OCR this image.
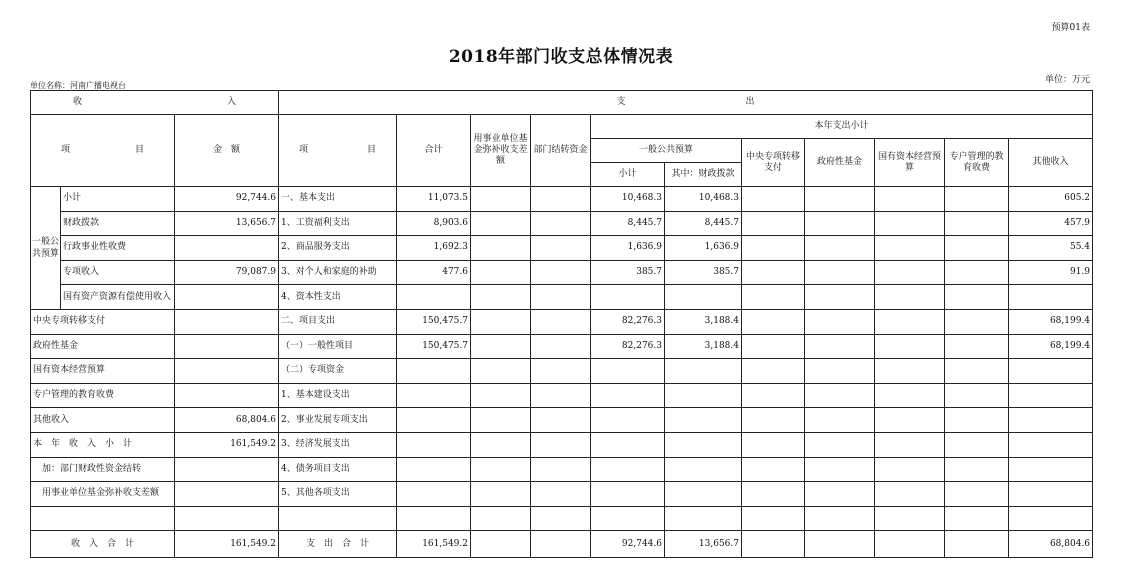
预算01表
2018年部门收支总体情况表
单位名称：河南广播电视台
单位：万元
收 入			支 出										

项 目		金　额	项 目	合计	用事业单位基金弥补收支差额	部门结转资金	本年支出小计						
							一般公共预算		中央专项转移支付	政府性基金	国有资本经营预算	专户管理的教育收费	其他收入
							小计	其中：财政拨款					
一般公共预算	小计	92,744.6	一、基本支出	11,073.5			10,468.3	10,468.3					605.2
	财政拨款	13,656.7	1、工资福利支出	8,903.6			8,445.7	8,445.7					457.9
	行政事业性收费		2、商品服务支出	1,692.3			1,636.9	1,636.9					55.4
	专项收入	79,087.9	3、对个人和家庭的补助	477.6			385.7	385.7					91.9
	国有资产资源有偿使用收入		4、资本性支出										
中央专项转移支付			二、项目支出	150,475.7			82,276.3	3,188.4					68,199.4
政府性基金			（一）一般性项目	150,475.7			82,276.3	3,188.4					68,199.4
国有资本经营预算			（二）专项资金										
专户管理的教育收费			1、基本建设支出										
其他收入		68,804.6	2、事业发展专项支出										
本　年　收　入　小　计		161,549.2	3、经济发展支出										
　加：部门财政性资金结转			4、债务项目支出										
　用事业单位基金弥补收支差额			5、其他各项支出										

收　入　合　计		161,549.2	支　出　合　计	161,549.2			92,744.6	13,656.7					68,804.6
